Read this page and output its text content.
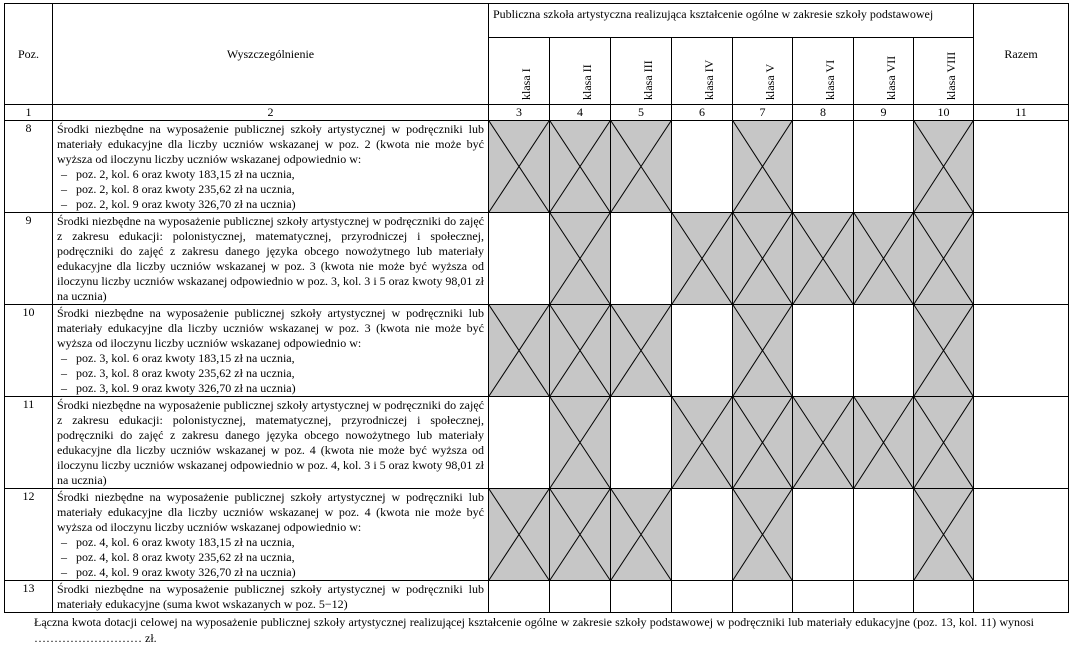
Poz.	Wyszczególnienie	Publiczna szkoła artystyczna realizująca kształcenie ogólne w zakresie szkoły podstawowej								Razem

		klasa I	klasa II	klasa III	klasa IV	klasa V	klasa VI	klasa VII	klasa VIII	

1	2	3	4	5	6	7	8	9	10	11
8	Środki niezbędne na wyposażenie publicznej szkoły artystycznej w podręczniki lub materiały edukacyjne dla liczby uczniów wskazanej w poz. 2 (kwota nie może być wyższa od iloczynu liczby uczniów wskazanej odpowiednio w:
–   poz. 2, kol. 6 oraz kwoty 183,15 zł na ucznia,
–   poz. 2, kol. 8 oraz kwoty 235,62 zł na ucznia,
–   poz. 2, kol. 9 oraz kwoty 326,70 zł na ucznia)

9	Środki niezbędne na wyposażenie publicznej szkoły artystycznej w podręczniki do zajęć z zakresu edukacji: polonistycznej, matematycznej, przyrodniczej i społecznej, podręczniki do zajęć z zakresu danego języka obcego nowożytnego lub materiały edukacyjne dla liczby uczniów wskazanej w poz. 3 (kwota nie może być wyższa od iloczynu liczby uczniów wskazanej odpowiednio w poz. 3, kol. 3 i 5 oraz kwoty 98,01 zł na ucznia)		

10	Środki niezbędne na wyposażenie publicznej szkoły artystycznej w podręczniki lub materiały edukacyjne dla liczby uczniów wskazanej w poz. 3 (kwota nie może być wyższa od iloczynu liczby uczniów wskazanej odpowiednio w:
–   poz. 3, kol. 6 oraz kwoty 183,15 zł na ucznia,
–   poz. 3, kol. 8 oraz kwoty 235,62 zł na ucznia,
–   poz. 3, kol. 9 oraz kwoty 326,70 zł na ucznia)

11	Środki niezbędne na wyposażenie publicznej szkoły artystycznej w podręczniki do zajęć z zakresu edukacji: polonistycznej, matematycznej, przyrodniczej i społecznej, podręczniki do zajęć z zakresu danego języka obcego nowożytnego lub materiały edukacyjne dla liczby uczniów wskazanej w poz. 4 (kwota nie może być wyższa od iloczynu liczby uczniów wskazanej odpowiednio w poz. 4, kol. 3 i 5 oraz kwoty 98,01 zł na ucznia)		

12	Środki niezbędne na wyposażenie publicznej szkoły artystycznej w podręczniki lub materiały edukacyjne dla liczby uczniów wskazanej w poz. 4 (kwota nie może być wyższa od iloczynu liczby uczniów wskazanej odpowiednio w:
–   poz. 4, kol. 6 oraz kwoty 183,15 zł na ucznia,
–   poz. 4, kol. 8 oraz kwoty 235,62 zł na ucznia,
–   poz. 4, kol. 9 oraz kwoty 326,70 zł na ucznia)

13	Środki niezbędne na wyposażenie publicznej szkoły artystycznej w podręczniki lub materiały edukacyjne (suma kwot wskazanych w poz. 5−12)									
Łączna kwota dotacji celowej na wyposażenie publicznej szkoły artystycznej realizującej kształcenie ogólne w zakresie szkoły podstawowej w podręczniki lub materiały edukacyjne (poz. 13, kol. 11) wynosi ……………………… zł.
